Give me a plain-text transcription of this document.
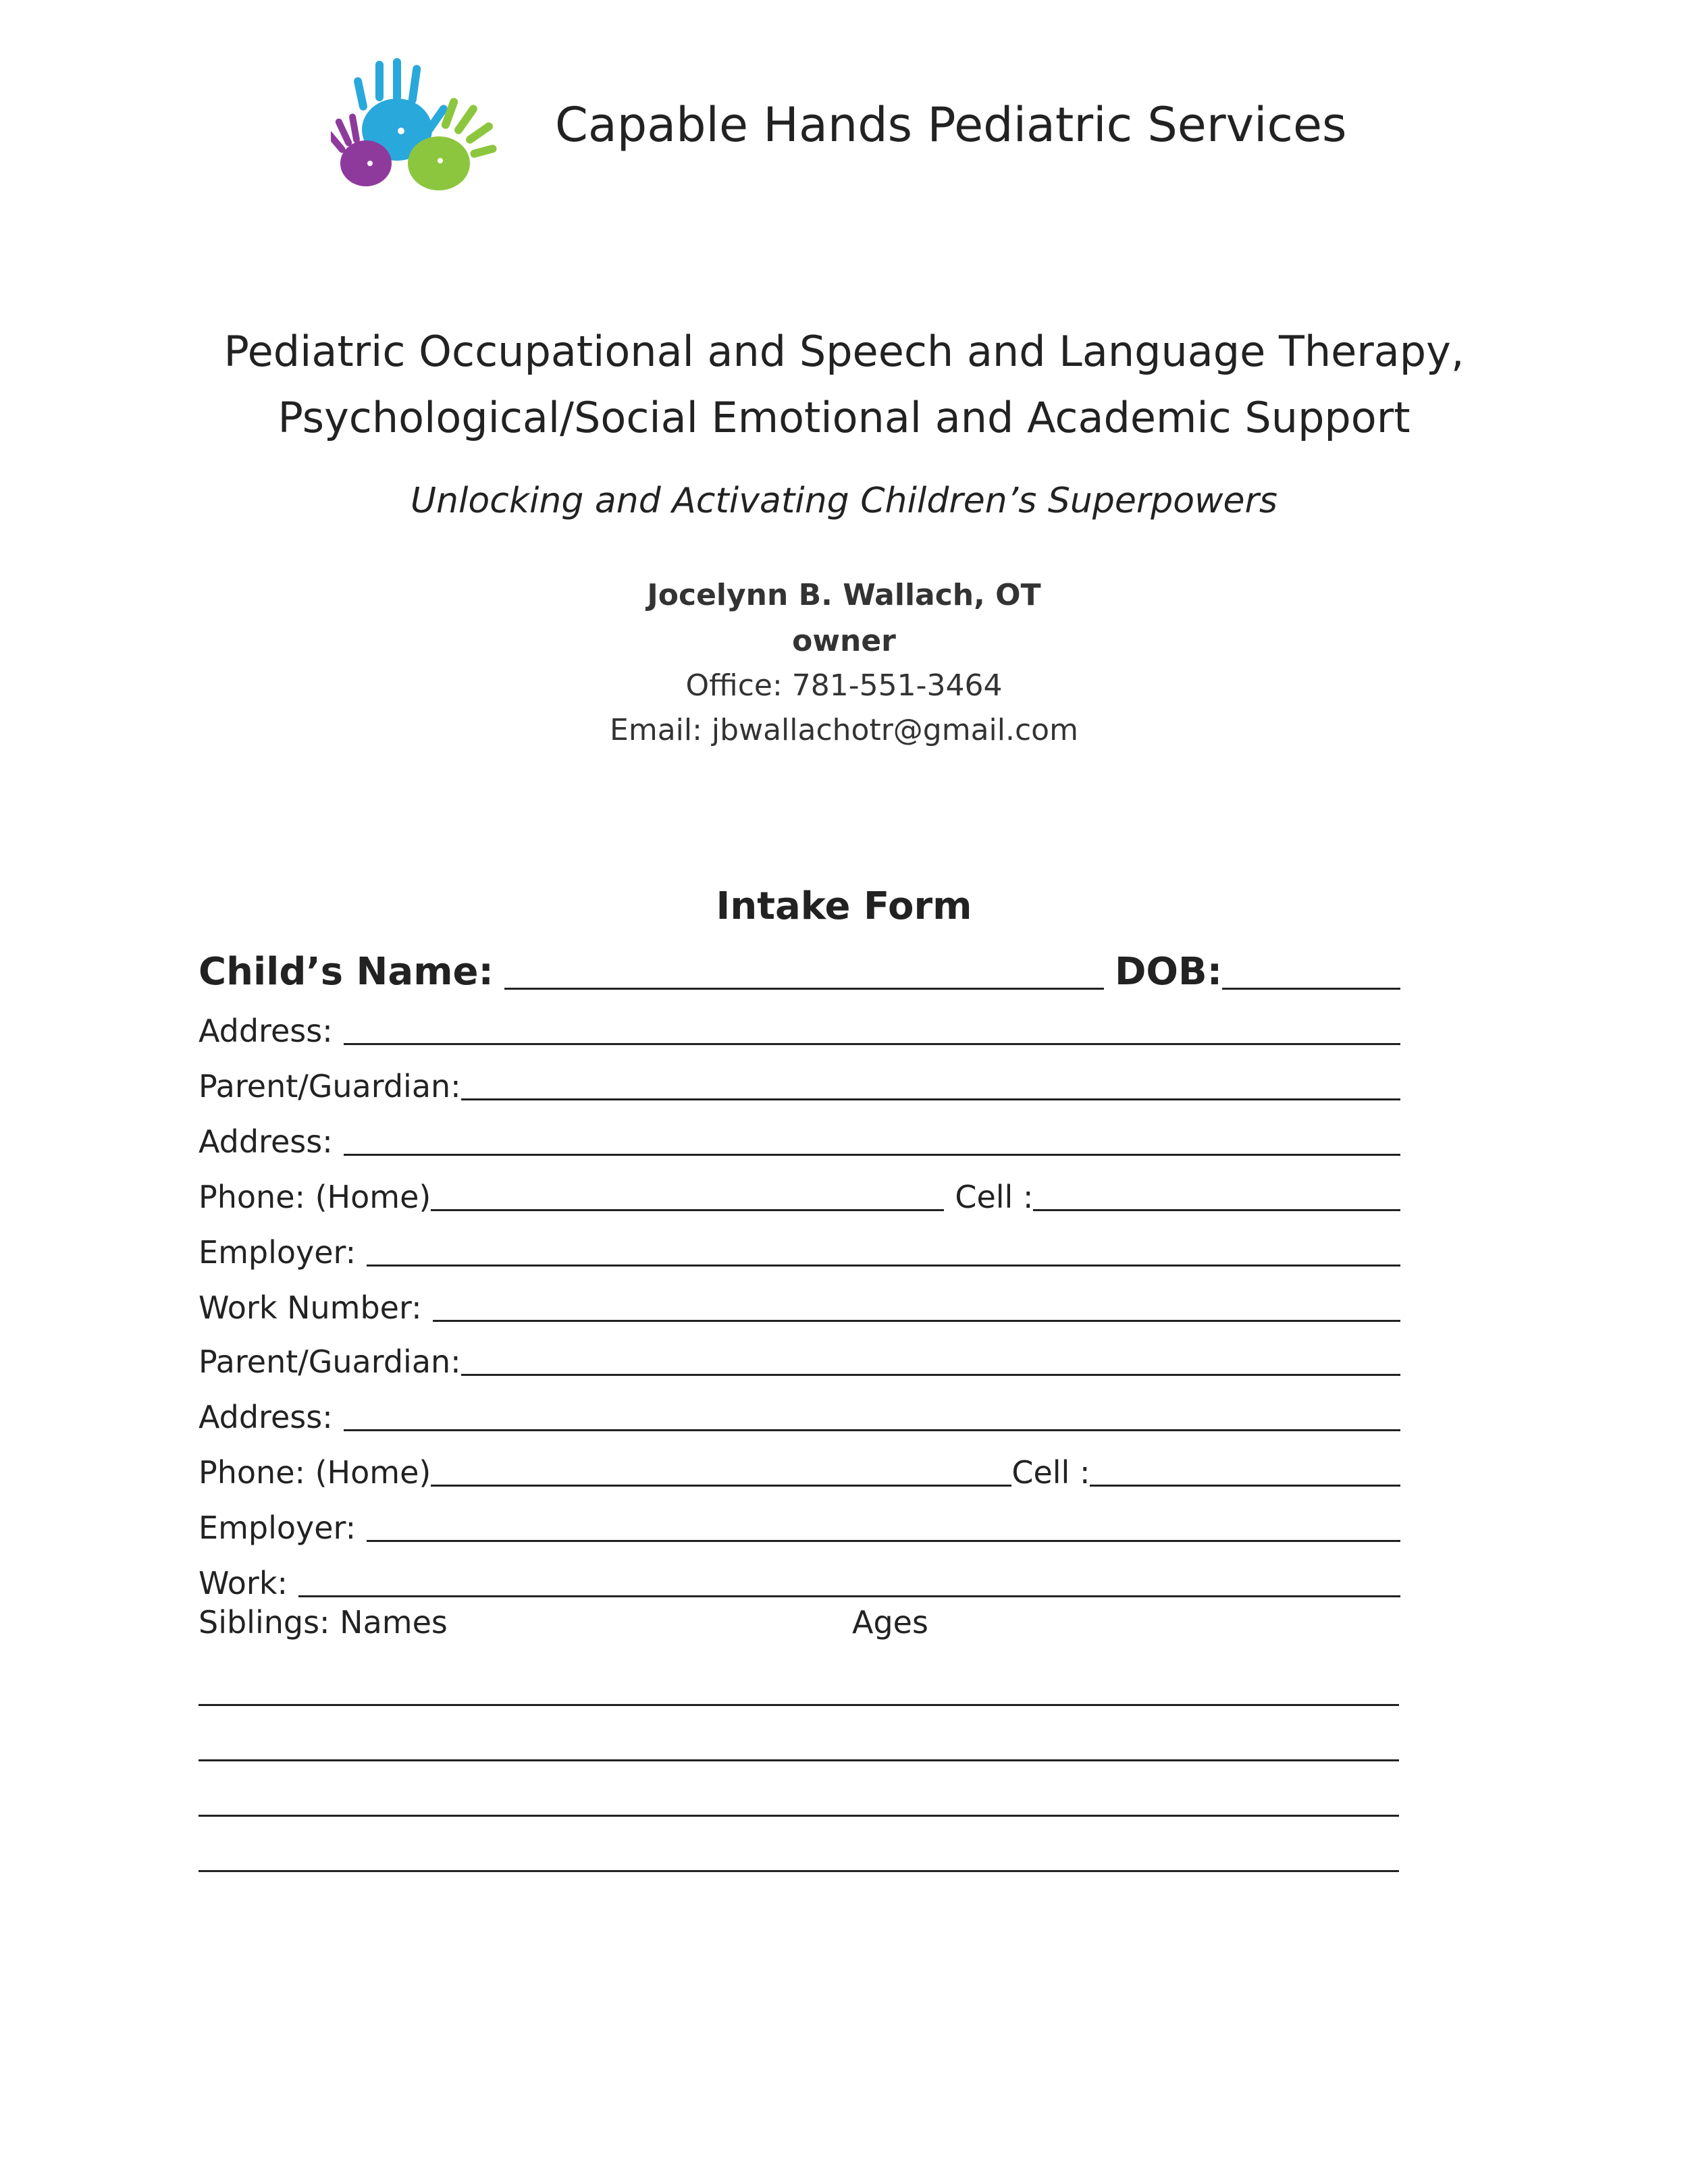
Capable Hands Pediatric Services
Pediatric Occupational and Speech and Language Therapy,
Psychological/Social Emotional and Academic Support
Unlocking and Activating Children’s Superpowers
Jocelynn B. Wallach, OT
owner
Office: 781-551-3464
Email: jbwallachotr@gmail.com
Intake Form
Child’s Name:	DOB:
Address:
Parent/Guardian:
Address:
Phone: (Home)	Cell :
Employer:
Work Number:
Parent/Guardian:
Address:
Phone: (Home)	Cell :
Employer:
Work:
Siblings: Names	Ages
